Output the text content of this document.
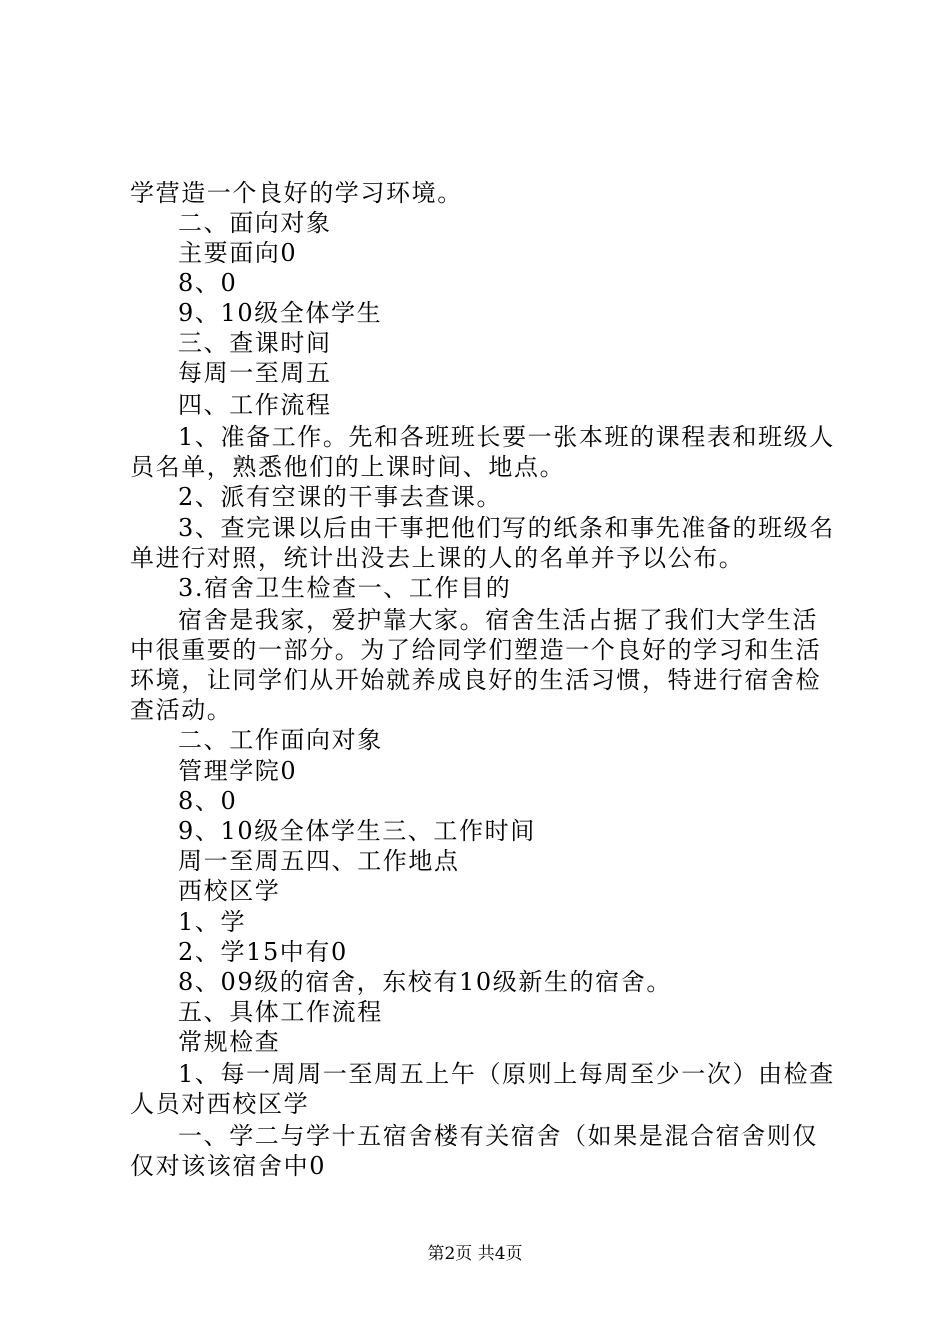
学营造一个良好的学习环境。
二、面向对象
主要面向0
8、0
9、10级全体学生
三、查课时间
每周一至周五
四、工作流程
1、准备工作。先和各班班长要一张本班的课程表和班级人
员名单，熟悉他们的上课时间、地点。
2、派有空课的干事去查课。
3、查完课以后由干事把他们写的纸条和事先准备的班级名
单进行对照，统计出没去上课的人的名单并予以公布。
3.宿舍卫生检查一、工作目的
宿舍是我家，爱护靠大家。宿舍生活占据了我们大学生活
中很重要的一部分。为了给同学们塑造一个良好的学习和生活
环境，让同学们从开始就养成良好的生活习惯，特进行宿舍检
查活动。
二、工作面向对象
管理学院0
8、0
9、10级全体学生三、工作时间
周一至周五四、工作地点
西校区学
1、学
2、学15中有0
8、09级的宿舍，东校有10级新生的宿舍。
五、具体工作流程
常规检查
1、每一周周一至周五上午（原则上每周至少一次）由检查
人员对西校区学
一、学二与学十五宿舍楼有关宿舍（如果是混合宿舍则仅
仅对该该宿舍中0
第2页 共4页
